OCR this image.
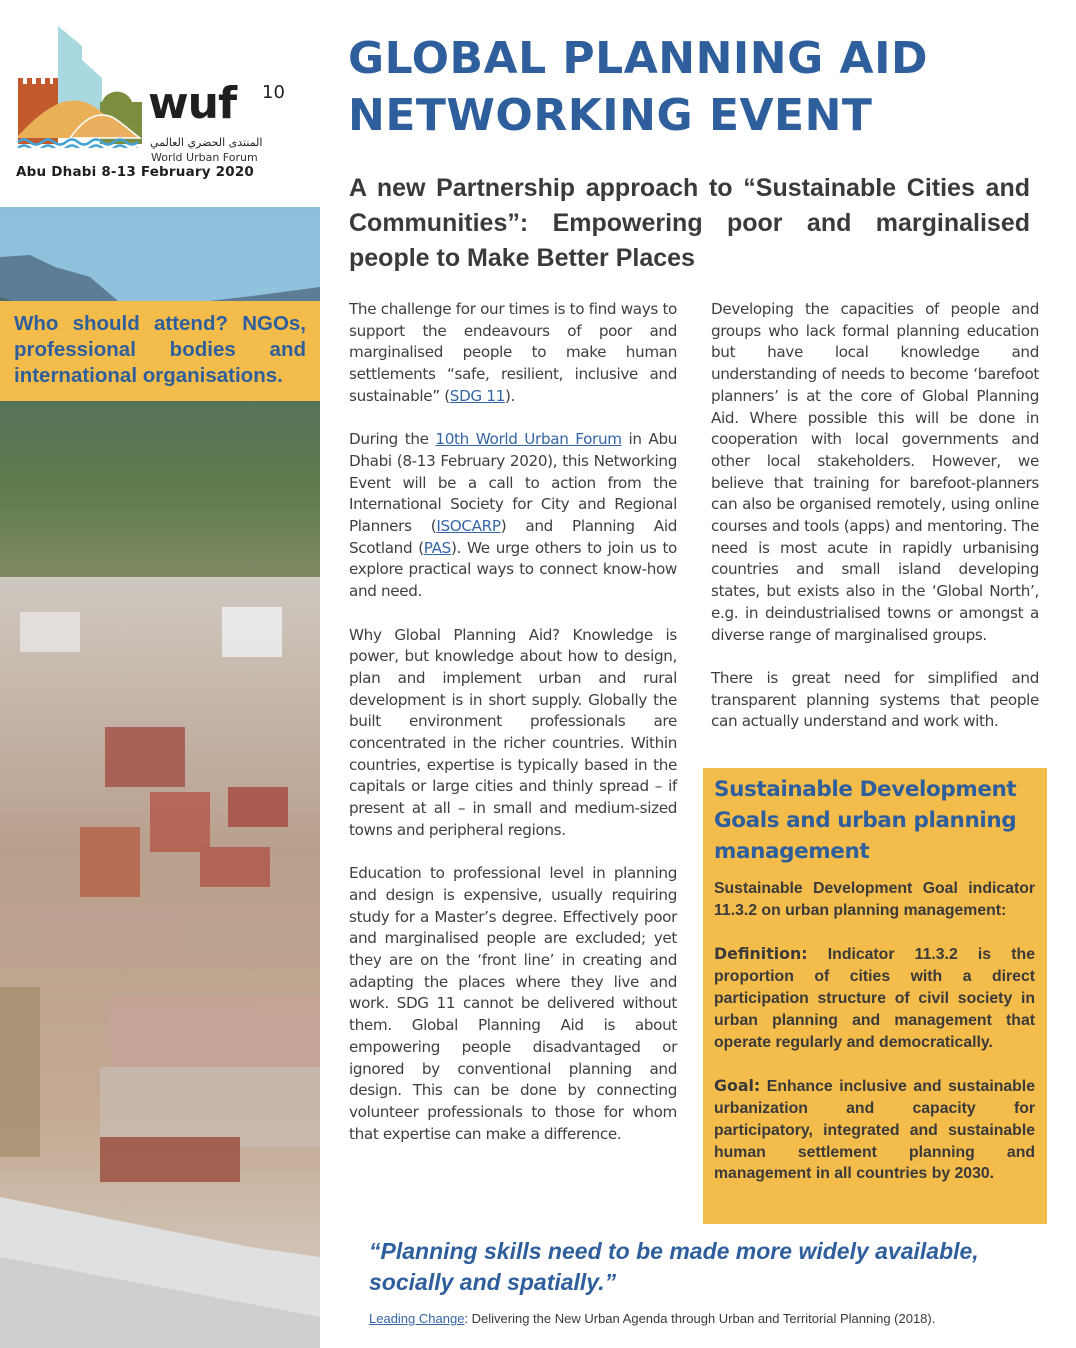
wuf 10
المنتدى الحضري العالمي
World Urban Forum
Abu Dhabi 8-13 February 2020

Who should attend? NGOs, professional bodies and international organisations.

GLOBAL PLANNING AID
NETWORKING EVENT
A new Partnership approach to “Sustainable Cities and Communities”: Empowering poor and marginalised people to Make Better Places

The challenge for our times is to find ways to support the endeavours of poor and marginalised people to make human settlements “safe, resilient, inclusive and sustainable” (SDG 11).

During the 10th World Urban Forum in Abu Dhabi (8-13 February 2020), this Networking Event will be a call to action from the International Society for City and Regional Planners (ISOCARP) and Planning Aid Scotland (PAS). We urge others to join us to explore practical ways to connect know-how and need.

Why Global Planning Aid? Knowledge is power, but knowledge about how to design, plan and implement urban and rural development is in short supply. Globally the built environment professionals are concentrated in the richer countries. Within countries, expertise is typically based in the capitals or large cities and thinly spread – if present at all – in small and medium-sized towns and peripheral regions.

Education to professional level in planning and design is expensive, usually requiring study for a Master’s degree. Effectively poor and marginalised people are excluded; yet they are on the ‘front line’ in creating and adapting the places where they live and work. SDG 11 cannot be delivered without them. Global Planning Aid is about empowering people disadvantaged or ignored by conventional planning and design. This can be done by connecting volunteer professionals to those for whom that expertise can make a difference.

Developing the capacities of people and groups who lack formal planning education but have local knowledge and understanding of needs to become ‘barefoot planners’ is at the core of Global Planning Aid. Where possible this will be done in cooperation with local governments and other local stakeholders. However, we believe that training for barefoot-planners can also be organised remotely, using online courses and tools (apps) and mentoring. The need is most acute in rapidly urbanising countries and small island developing states, but exists also in the ‘Global North’, e.g. in deindustrialised towns or amongst a diverse range of marginalised groups.

There is great need for simplified and transparent planning systems that people can actually understand and work with.

Sustainable Development Goals and urban planning management

Sustainable Development Goal indicator 11.3.2 on urban planning management:

Definition: Indicator 11.3.2 is the proportion of cities with a direct participation structure of civil society in urban planning and management that operate regularly and democratically.

Goal: Enhance inclusive and sustainable urbanization and capacity for participatory, integrated and sustainable human settlement planning and management in all countries by 2030.

“Planning skills need to be made more widely available, socially and spatially.”

Leading Change: Delivering the New Urban Agenda through Urban and Territorial Planning (2018).
